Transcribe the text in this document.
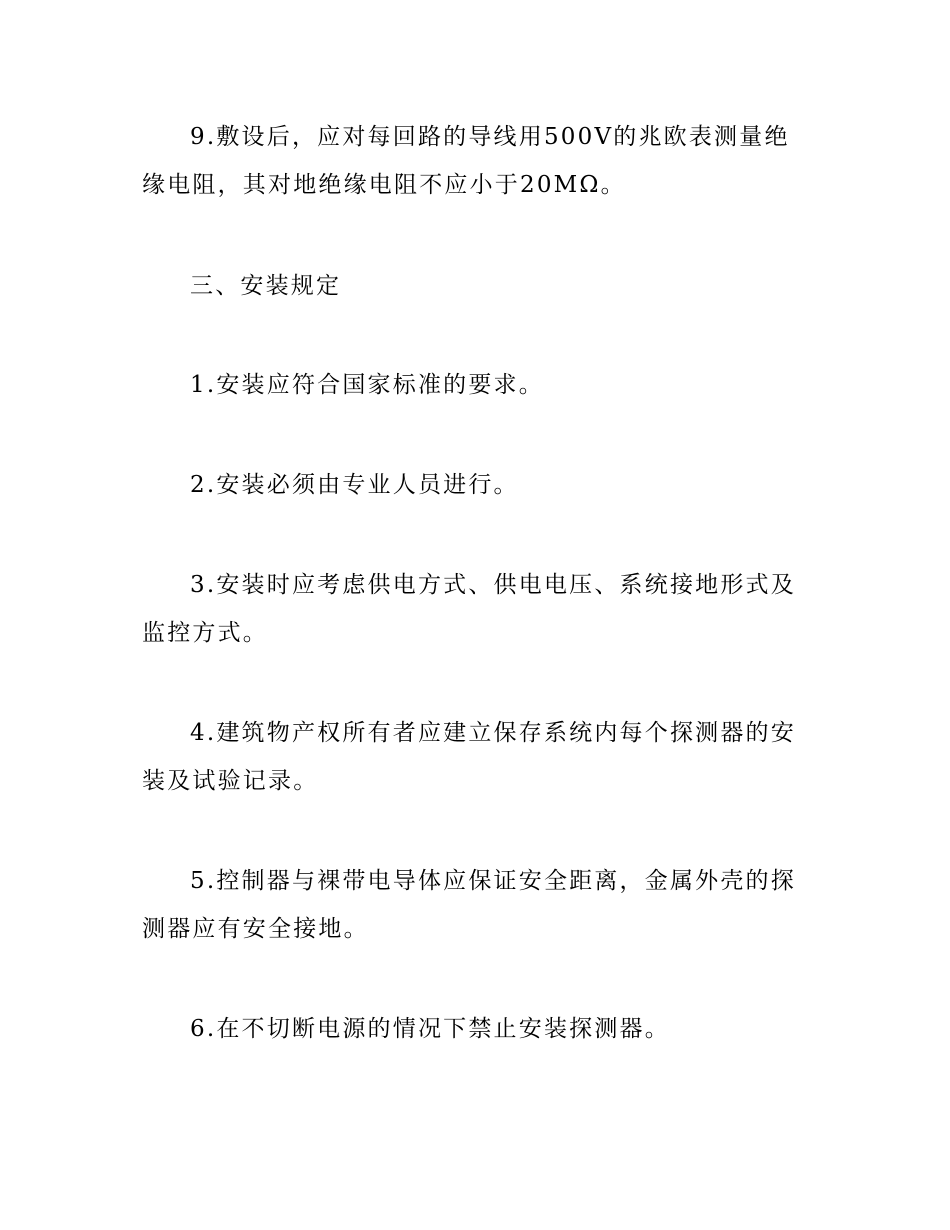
9.敷设后，应对每回路的导线用500V的兆欧表测量绝缘电阻，其对地绝缘电阻不应小于20MΩ。

三、安装规定

1.安装应符合国家标准的要求。

2.安装必须由专业人员进行。

3.安装时应考虑供电方式、供电电压、系统接地形式及监控方式。

4.建筑物产权所有者应建立保存系统内每个探测器的安装及试验记录。

5.控制器与裸带电导体应保证安全距离，金属外壳的探测器应有安全接地。

6.在不切断电源的情况下禁止安装探测器。
